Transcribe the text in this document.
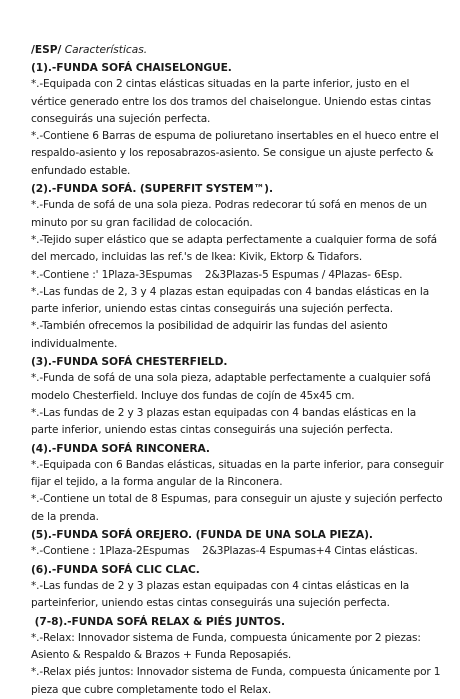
/ESP/ Características.
(1).-FUNDA SOFÁ CHAISELONGUE.
*.-Equipada con 2 cintas elásticas situadas en la parte inferior, justo en el vértice generado entre los dos tramos del chaiselongue. Uniendo estas cintas conseguirás una sujeción perfecta.
*.-Contiene 6 Barras de espuma de poliuretano insertables en el hueco entre el respaldo-asiento y los reposabrazos-asiento. Se consigue un ajuste perfecto & enfundado estable.
(2).-FUNDA SOFÁ. (SUPERFIT SYSTEM™).
*.-Funda de sofá de una sola pieza. Podras redecorar tú sofá en menos de un minuto por su gran facilidad de colocación.
*.-Tejido super elástico que se adapta perfectamente a cualquier forma de sofá del mercado, incluidas las ref.'s de Ikea: Kivik, Ektorp & Tidafors.
*.-Contiene :' 1Plaza-3Espumas    2&3Plazas-5 Espumas / 4Plazas- 6Esp.
*.-Las fundas de 2, 3 y 4 plazas estan equipadas con 4 bandas elásticas en la parte inferior, uniendo estas cintas conseguirás una sujeción perfecta.
*.-También ofrecemos la posibilidad de adquirir las fundas del asiento individualmente.
(3).-FUNDA SOFÁ CHESTERFIELD.
*.-Funda de sofá de una sola pieza, adaptable perfectamente a cualquier sofá modelo Chesterfield. Incluye dos fundas de cojín de 45x45 cm.
*.-Las fundas de 2 y 3 plazas estan equipadas con 4 bandas elásticas en la parte inferior, uniendo estas cintas conseguirás una sujeción perfecta.
(4).-FUNDA SOFÁ RINCONERA.
*.-Equipada con 6 Bandas elásticas, situadas en la parte inferior, para conseguir fijar el tejido, a la forma angular de la Rinconera.
*.-Contiene un total de 8 Espumas, para conseguir un ajuste y sujeción perfecto de la prenda.
(5).-FUNDA SOFÁ OREJERO. (FUNDA DE UNA SOLA PIEZA).
*.-Contiene : 1Plaza-2Espumas    2&3Plazas-4 Espumas+4 Cintas elásticas.
(6).-FUNDA SOFÁ CLIC CLAC.
*.-Las fundas de 2 y 3 plazas estan equipadas con 4 cintas elásticas en la parteinferior, uniendo estas cintas conseguirás una sujeción perfecta.
(7-8).-FUNDA SOFÁ RELAX & PIÉS JUNTOS.
*.-Relax: Innovador sistema de Funda, compuesta únicamente por 2 piezas: Asiento & Respaldo & Brazos + Funda Reposapiés.
*.-Relax piés juntos: Innovador sistema de Funda, compuesta únicamente por 1 pieza que cubre completamente todo el Relax.
